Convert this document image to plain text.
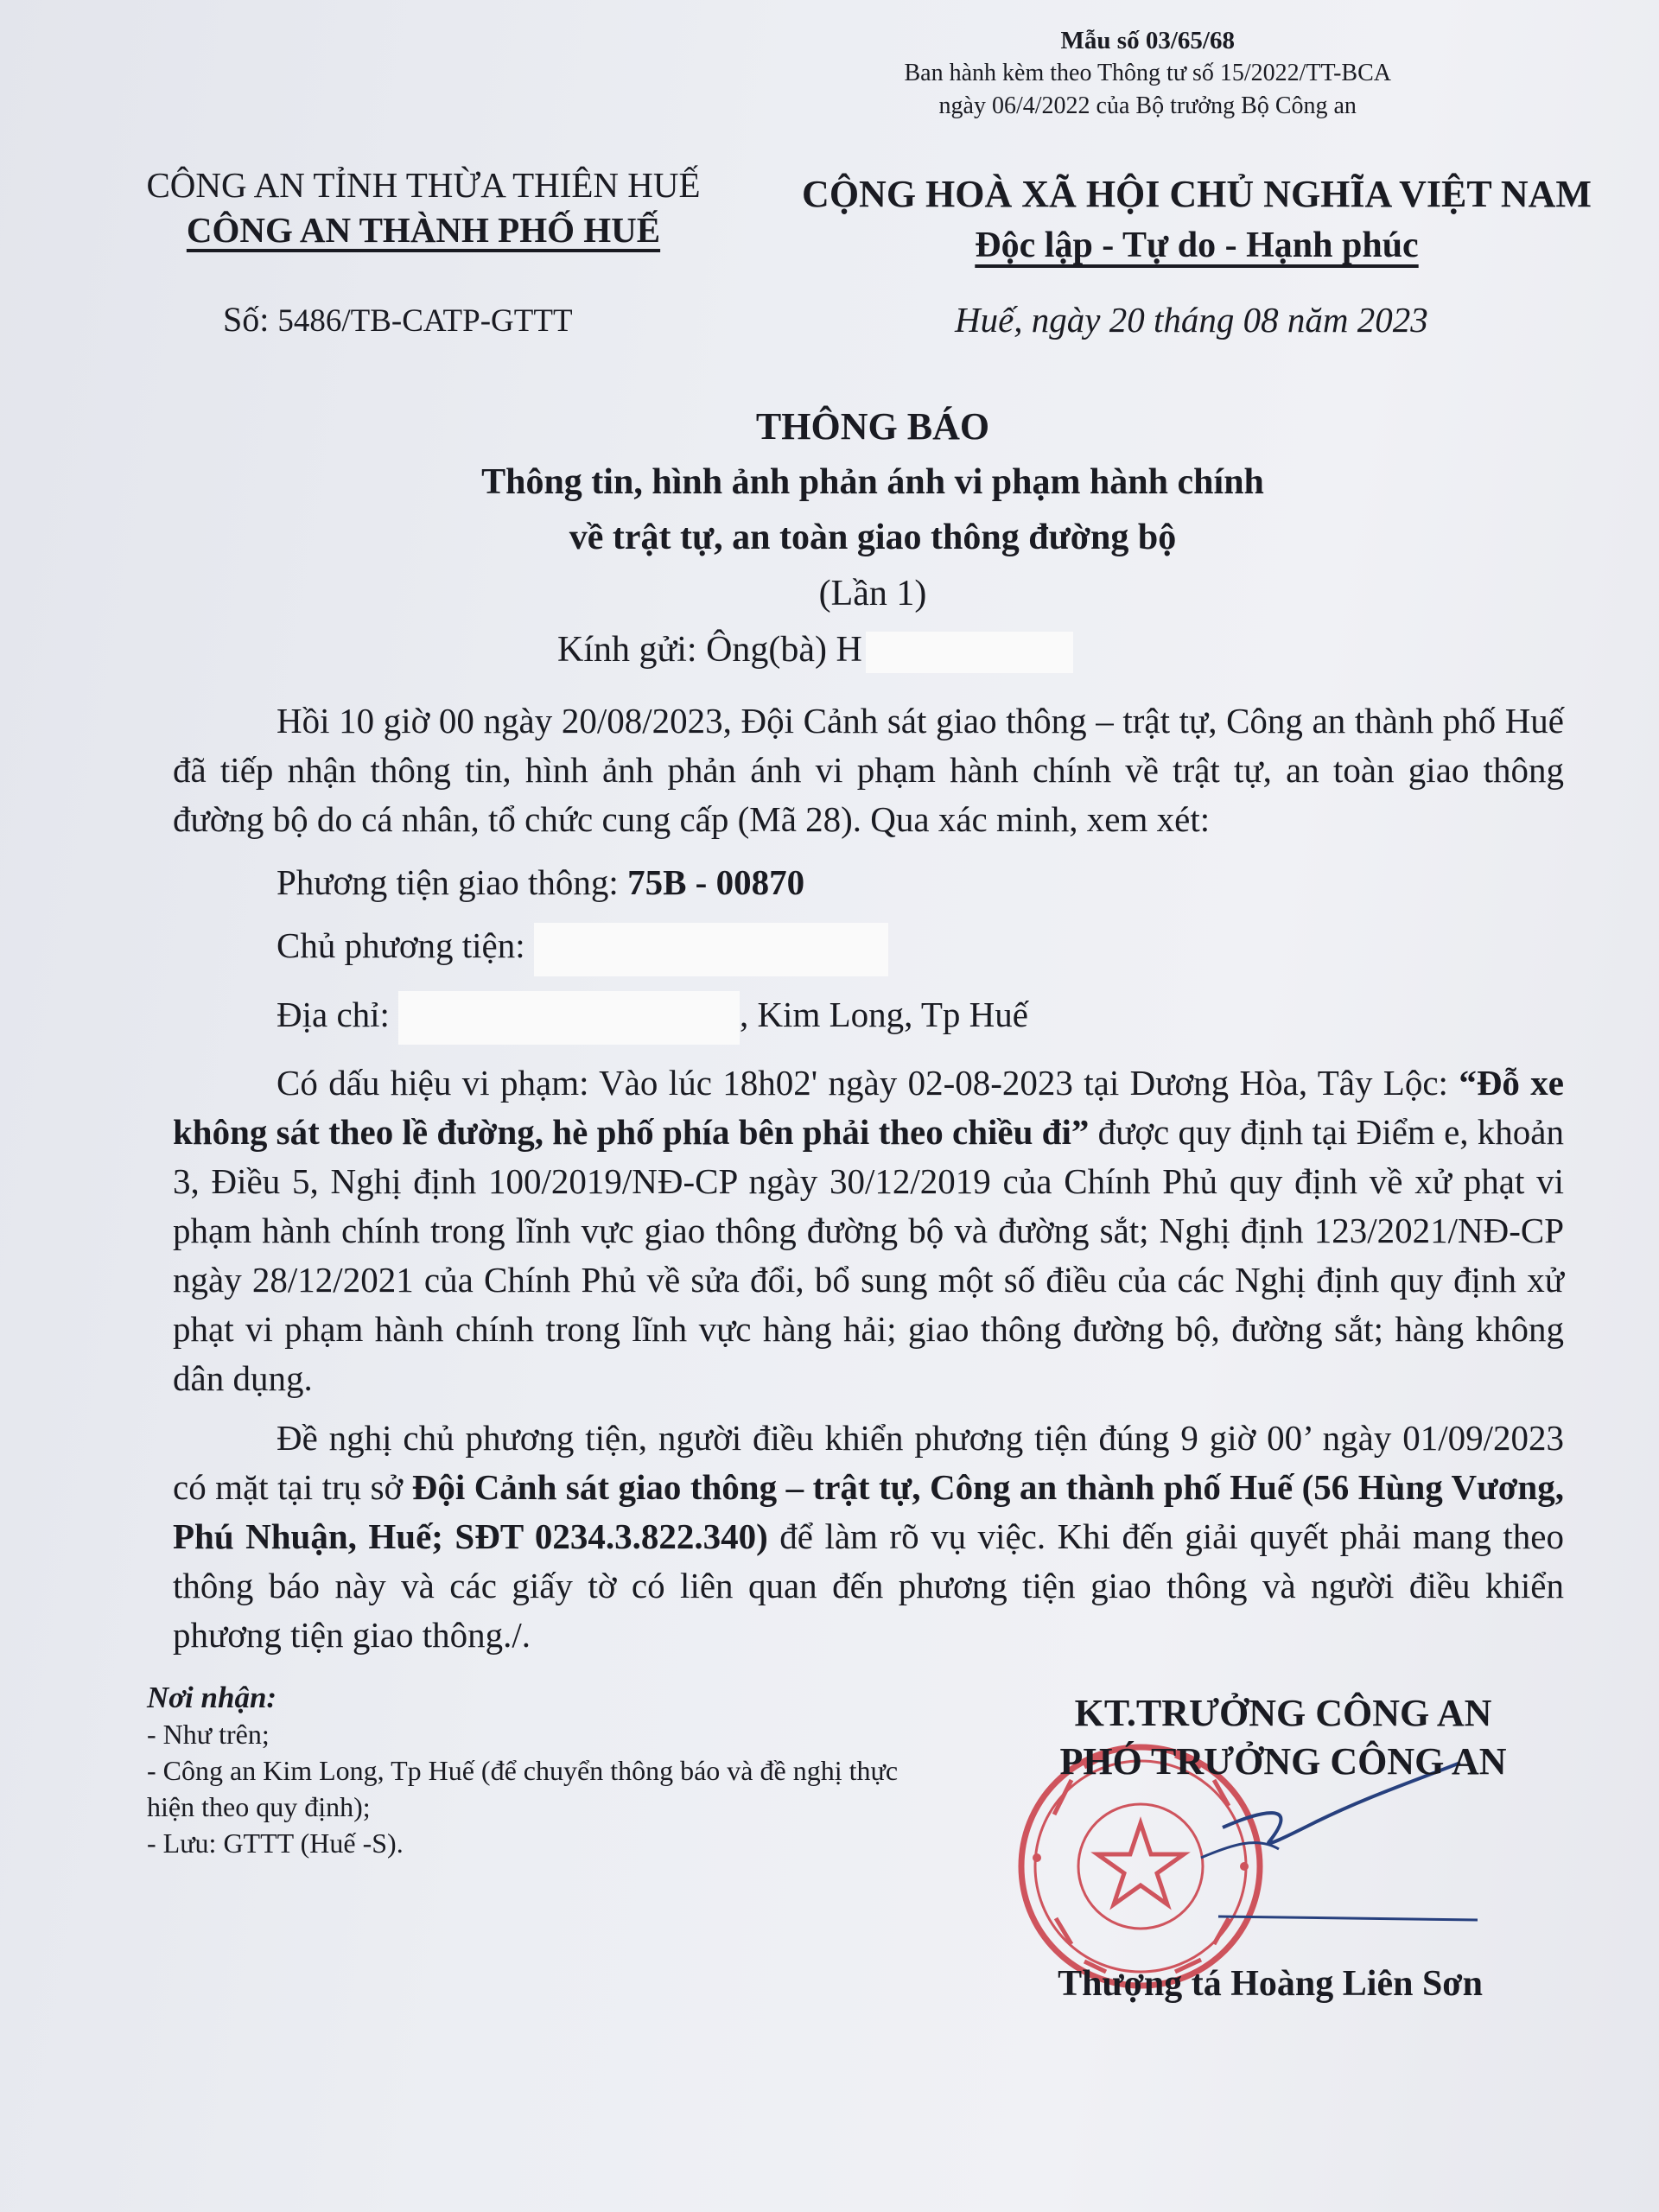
Mẫu số 03/65/68
Ban hành kèm theo Thông tư số 15/2022/TT-BCA
ngày 06/4/2022 của Bộ trưởng Bộ Công an
CÔNG AN TỈNH THỪA THIÊN HUẾ
CÔNG AN THÀNH PHỐ HUẾ
CỘNG HOÀ XÃ HỘI CHỦ NGHĨA VIỆT NAM
Độc lập - Tự do - Hạnh phúc
Số: 5486/TB-CATP-GTTT	Huế, ngày 20 tháng 08 năm 2023
THÔNG BÁO
Thông tin, hình ảnh phản ánh vi phạm hành chính
về trật tự, an toàn giao thông đường bộ
(Lần 1)
Kính gửi: Ông(bà) H

Hồi 10 giờ 00 ngày 20/08/2023, Đội Cảnh sát giao thông – trật tự, Công an thành phố Huế đã tiếp nhận thông tin, hình ảnh phản ánh vi phạm hành chính về trật tự, an toàn giao thông đường bộ do cá nhân, tổ chức cung cấp (Mã 28). Qua xác minh, xem xét:

Phương tiện giao thông: 75B - 00870
Chủ phương tiện:
Địa chỉ:	, Kim Long, Tp Huế

Có dấu hiệu vi phạm: Vào lúc 18h02' ngày 02-08-2023 tại Dương Hòa, Tây Lộc: “Đỗ xe không sát theo lề đường, hè phố phía bên phải theo chiều đi” được quy định tại Điểm e, khoản 3, Điều 5, Nghị định 100/2019/NĐ-CP ngày 30/12/2019 của Chính Phủ quy định về xử phạt vi phạm hành chính trong lĩnh vực giao thông đường bộ và đường sắt; Nghị định 123/2021/NĐ-CP ngày 28/12/2021 của Chính Phủ về sửa đổi, bổ sung một số điều của các Nghị định quy định xử phạt vi phạm hành chính trong lĩnh vực hàng hải; giao thông đường bộ, đường sắt; hàng không dân dụng.

Đề nghị chủ phương tiện, người điều khiển phương tiện đúng 9 giờ 00’ ngày 01/09/2023 có mặt tại trụ sở Đội Cảnh sát giao thông – trật tự, Công an thành phố Huế (56 Hùng Vương, Phú Nhuận, Huế; SĐT 0234.3.822.340) để làm rõ vụ việc. Khi đến giải quyết phải mang theo thông báo này và các giấy tờ có liên quan đến phương tiện giao thông và người điều khiển phương tiện giao thông./.

Nơi nhận:
- Như trên;
- Công an Kim Long, Tp Huế (để chuyển thông báo và đề nghị thực hiện theo quy định);
- Lưu: GTTT (Huế -S).
KT.TRƯỞNG CÔNG AN
PHÓ TRƯỞNG CÔNG AN
Thượng tá Hoàng Liên Sơn
